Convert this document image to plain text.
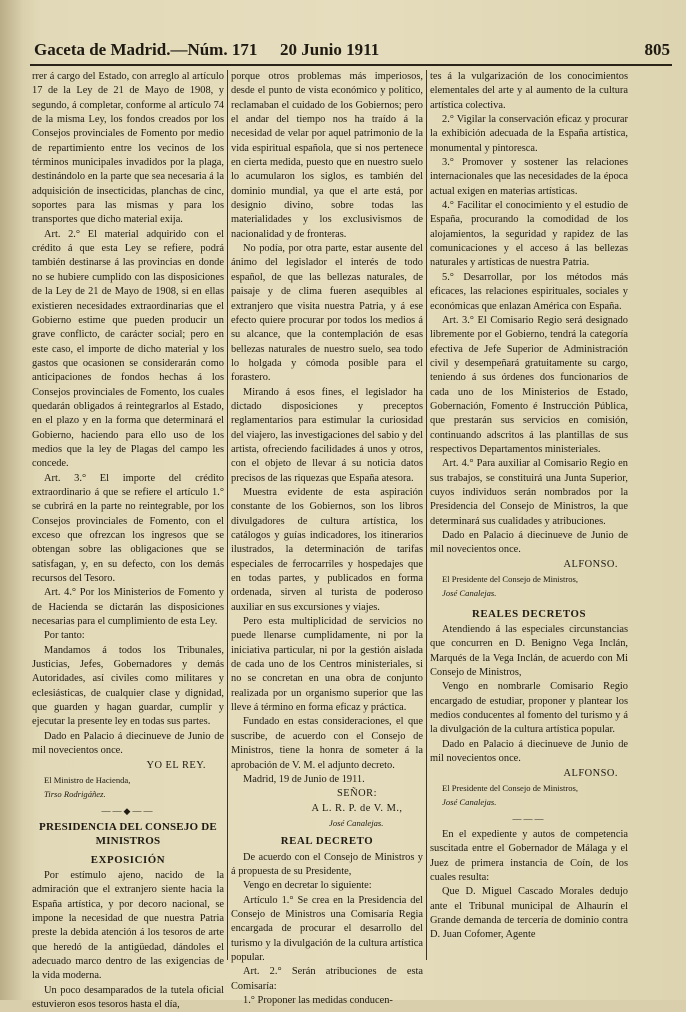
Gaceta de Madrid.—Núm. 171 20 Junio 1911	805

rrer á cargo del Estado, con arreglo al artículo 17 de la Ley de 21 de Mayo de 1908, y segundo, á completar, conforme al artículo 74 de la misma Ley, los fondos creados por los Consejos provinciales de Fomento por medio de repartimiento entre los vecinos de los términos municipales invadidos por la plaga, destinándolo en la parte que sea necesaria á la adquisición de insecticidas, planchas de cinc, soportes para las mismas y para los transportes que dicho material exija.

Art. 2.° El material adquirido con el crédito á que esta Ley se refiere, podrá también destinarse á las provincias en donde no se hubiere cumplido con las disposiciones de la Ley de 21 de Mayo de 1908, si en ellas existieren necesidades extraordinarias que el Gobierno estime que pueden producir un grave conflicto, de carácter social; pero en este caso, el importe de dicho material y los gastos que ocasionen se considerarán como anticipaciones de fondos hechas á los Consejos provinciales de Fomento, los cuales quedarán obligados á reintegrarlos al Estado, en el plazo y en la forma que determinará el Gobierno, haciendo para ello uso de los medios que la ley de Plagas del campo les concede.

Art. 3.° El importe del crédito extraordinario á que se refiere el artículo 1.° se cubrirá en la parte no reintegrable, por los Consejos provinciales de Fomento, con el exceso que ofrezcan los ingresos que se obtengan sobre las obligaciones que se satisfagan, y, en su defecto, con los demás recursos del Tesoro.

Art. 4.° Por los Ministerios de Fomento y de Hacienda se dictarán las disposiciones necesarias para el cumplimiento de esta Ley.

Por tanto:

Mandamos á todos los Tribunales, Justicias, Jefes, Gobernadores y demás Autoridades, así civiles como militares y eclesiásticas, de cualquier clase y dignidad, que guarden y hagan guardar, cumplir y ejecutar la presente ley en todas sus partes.

Dado en Palacio á diecinueve de Junio de mil novecientos once.

YO EL REY.

El Ministro de Hacienda,

Tirso Rodrigáñez.

——◆——
PRESIDENCIA DEL CONSEJO DE MINISTROS
EXPOSICIÓN

Por estímulo ajeno, nacido de la admiración que el extranjero siente hacia la España artística, y por decoro nacional, se impone la necesidad de que nuestra Patria preste la debida atención á los tesoros de arte que heredó de la antigüedad, dándoles el adecuado marco dentro de las exigencias de la vida moderna.

Un poco desamparados de la tutela oficial estuvieron esos tesoros hasta el día,

porque otros problemas más imperiosos, desde el punto de vista económico y político, reclamaban el cuidado de los Gobiernos; pero el andar del tiempo nos ha traído á la necesidad de velar por aquel patrimonio de la vida espiritual española, que si nos pertenece en cierta medida, puesto que en nuestro suelo lo acumularon los siglos, es también del dominio mundial, ya que el arte está, por designio divino, sobre todas las materialidades y los exclusivismos de nacionalidad y de fronteras.

No podía, por otra parte, estar ausente del ánimo del legislador el interés de todo español, de que las bellezas naturales, de paisaje y de clima fueren asequibles al extranjero que visita nuestra Patria, y á ese efecto quiere procurar por todos los medios á su alcance, que la contemplación de esas bellezas naturales de nuestro suelo, sea todo lo holgada y cómoda posible para el forastero.

Mirando á esos fines, el legislador ha dictado disposiciones y preceptos reglamentarios para estimular la curiosidad del viajero, las investigaciones del sabio y del artista, ofreciendo facilidades á unos y otros, con el objeto de llevar á su noticia datos precisos de las riquezas que España atesora.

Muestra evidente de esta aspiración constante de los Gobiernos, son los libros divulgadores de cultura artística, los catálogos y guías indicadores, los itinerarios ilustrados, la determinación de tarifas especiales de ferrocarriles y hospedajes que en todas partes, y publicados en forma ordenada, sirven al turista de poderoso auxiliar en sus excursiones y viajes.

Pero esta multiplicidad de servicios no puede llenarse cumplidamente, ni por la iniciativa particular, ni por la gestión aislada de cada uno de los Centros ministeriales, si no se concretan en una obra de conjunto realizada por un organismo superior que las lleve á término en forma eficaz y práctica.

Fundado en estas consideraciones, el que suscribe, de acuerdo con el Consejo de Ministros, tiene la honra de someter á la aprobación de V. M. el adjunto decreto.

Madrid, 19 de Junio de 1911.

SEÑOR:

A L. R. P. de V. M.,

José Canalejas.

REAL DECRETO

De acuerdo con el Consejo de Ministros y á propuesta de su Presidente,

Vengo en decretar lo siguiente:

Artículo 1.° Se crea en la Presidencia del Consejo de Ministros una Comisaría Regia encargada de procurar el desarrollo del turismo y la divulgación de la cultura artística popular.

Art. 2.° Serán atribuciones de esta Comisaría:

1.° Proponer las medidas conducen-

tes á la vulgarización de los conocimientos elementales del arte y al aumento de la cultura artística colectiva.

2.° Vigilar la conservación eficaz y procurar la exhibición adecuada de la España artística, monumental y pintoresca.

3.° Promover y sostener las relaciones internacionales que las necesidades de la época actual exigen en materias artísticas.

4.° Facilitar el conocimiento y el estudio de España, procurando la comodidad de los alojamientos, la seguridad y rapidez de las comunicaciones y el acceso á las bellezas naturales y artísticas de nuestra Patria.

5.° Desarrollar, por los métodos más eficaces, las relaciones espirituales, sociales y económicas que enlazan América con España.

Art. 3.° El Comisario Regio será designado libremente por el Gobierno, tendrá la categoría efectiva de Jefe Superior de Administración civil y desempeñará gratuitamente su cargo, teniendo á sus órdenes dos funcionarios de cada uno de los Ministerios de Estado, Gobernación, Fomento é Instrucción Pública, que prestarán sus servicios en comisión, continuando adscritos á las plantillas de sus respectivos Departamentos ministeriales.

Art. 4.° Para auxiliar al Comisario Regio en sus trabajos, se constituirá una Junta Superior, cuyos individuos serán nombrados por la Presidencia del Consejo de Ministros, la que determinará sus cualidades y atribuciones.

Dado en Palacio á diecinueve de Junio de mil novecientos once.

ALFONSO.

El Presidente del Consejo de Ministros,

José Canalejas.

REALES DECRETOS

Atendiendo á las especiales circunstancias que concurren en D. Benigno Vega Inclán, Marqués de la Vega Inclán, de acuerdo con Mi Consejo de Ministros,

Vengo en nombrarle Comisario Regio encargado de estudiar, proponer y plantear los medios conducentes al fomento del turismo y á la divulgación de la cultura artística popular.

Dado en Palacio á diecinueve de Junio de mil novecientos once.

ALFONSO.

El Presidente del Consejo de Ministros,

José Canalejas.

———

En el expediente y autos de competencia suscitada entre el Gobernador de Málaga y el Juez de primera instancia de Coín, de los cuales resulta:

Que D. Miguel Cascado Morales dedujo ante el Tribunal municipal de Alhaurín el Grande demanda de tercería de dominio contra D. Juan Cofomer, Agente
